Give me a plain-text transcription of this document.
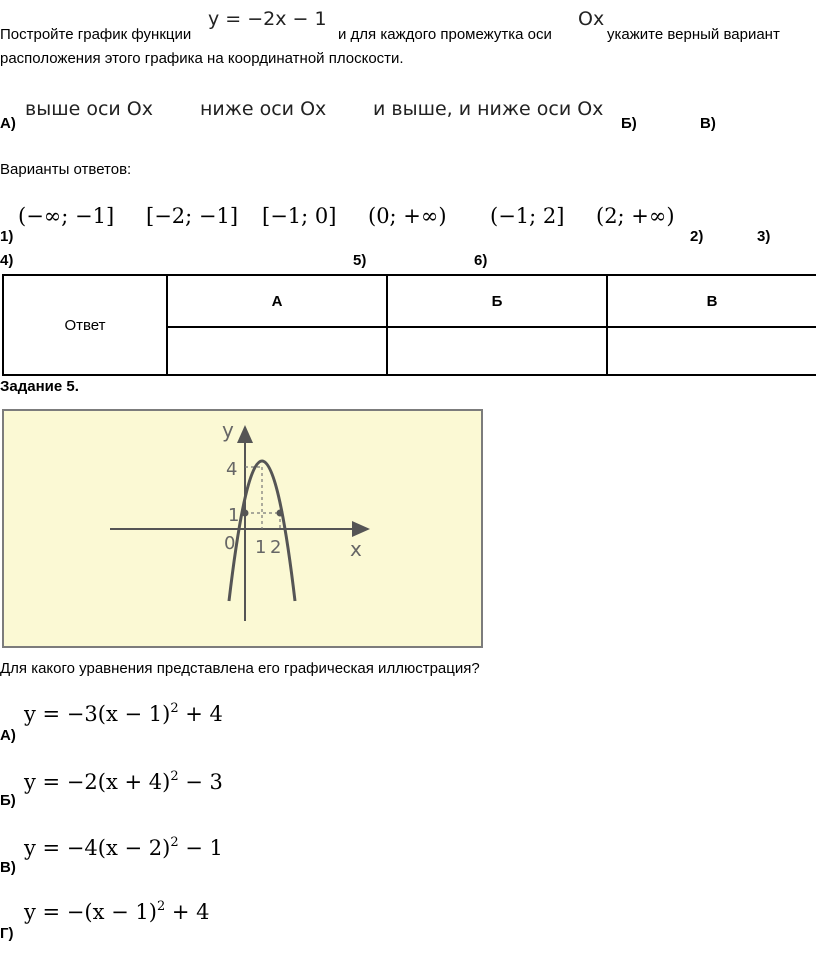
Постройте график функции
y = −2x − 1
и для каждого промежутка оси
Ox
укажите верный вариант
расположения этого графика на координатной плоскости.
А)
выше оси Ox ниже оси Ox и выше, и ниже оси Ox
Б)	В)
Варианты ответов:
(−∞; −1] [−2; −1] [−1; 0] (0; +∞) (−1; 2] (2; +∞)
1)	2)	3)
4)	5)	6)
Ответ	А	Б	В

Задание 5.
y
x
4
1
0 1 2
Для какого уравнения представлена его графическая иллюстрация?
А)
$y = -3(x - 1)^2 + 4$
Б)
$y = -2(x + 4)^2 - 3$
В)
$y = -4(x - 2)^2 - 1$
Г)
$y = -(x - 1)^2 + 4$
